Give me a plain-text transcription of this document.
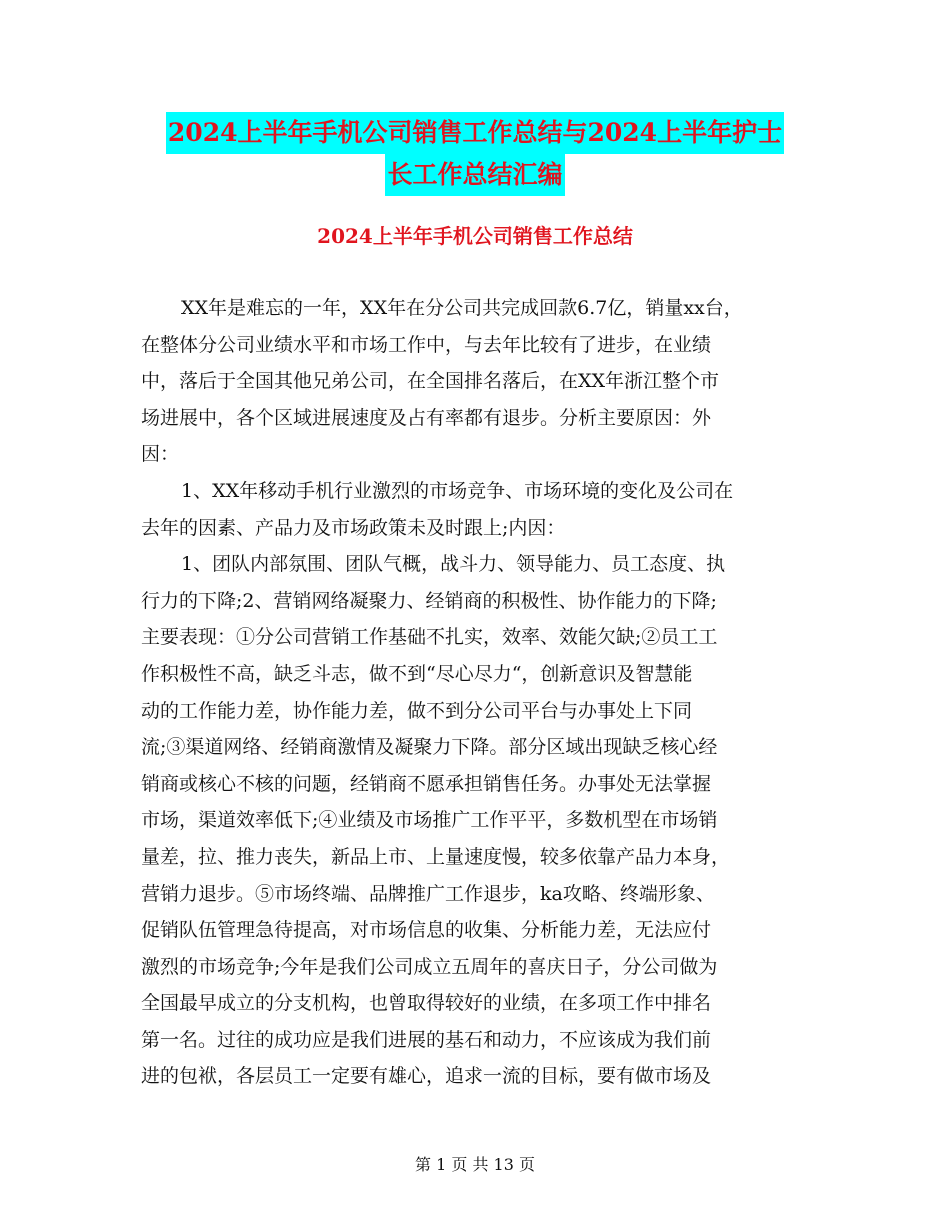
2024上半年手机公司销售工作总结与2024上半年护士
长工作总结汇编
2024上半年手机公司销售工作总结
XX年是难忘的一年，XX年在分公司共完成回款6.7亿，销量xx台，
在整体分公司业绩水平和市场工作中，与去年比较有了进步，在业绩
中，落后于全国其他兄弟公司，在全国排名落后，在XX年浙江整个市
场进展中，各个区域进展速度及占有率都有退步。分析主要原因：外
因：
1、XX年移动手机行业激烈的市场竞争、市场环境的变化及公司在
去年的因素、产品力及市场政策未及时跟上;内因：
1、团队内部氛围、团队气概，战斗力、领导能力、员工态度、执
行力的下降;2、营销网络凝聚力、经销商的积极性、协作能力的下降;
主要表现：①分公司营销工作基础不扎实，效率、效能欠缺;②员工工
作积极性不高，缺乏斗志，做不到“尽心尽力“，创新意识及智慧能
动的工作能力差，协作能力差，做不到分公司平台与办事处上下同
流;③渠道网络、经销商激情及凝聚力下降。部分区域出现缺乏核心经
销商或核心不核的问题，经销商不愿承担销售任务。办事处无法掌握
市场，渠道效率低下;④业绩及市场推广工作平平，多数机型在市场销
量差，拉、推力丧失，新品上市、上量速度慢，较多依靠产品力本身，
营销力退步。⑤市场终端、品牌推广工作退步，ka攻略、终端形象、
促销队伍管理急待提高，对市场信息的收集、分析能力差，无法应付
激烈的市场竞争;今年是我们公司成立五周年的喜庆日子，分公司做为
全国最早成立的分支机构，也曾取得较好的业绩，在多项工作中排名
第一名。过往的成功应是我们进展的基石和动力，不应该成为我们前
进的包袱，各层员工一定要有雄心，追求一流的目标，要有做市场及
第 1 页 共 13 页
